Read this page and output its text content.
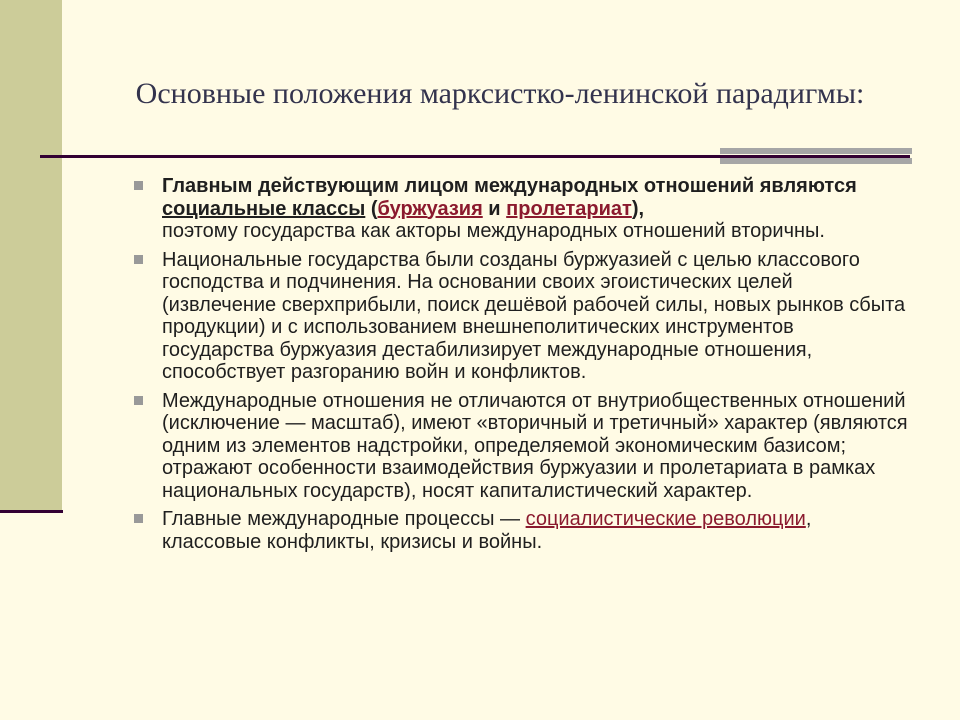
Основные положения марксистко-ленинской парадигмы:
Главным действующим лицом международных отношений являются социальные классы (буржуазия и пролетариат),
поэтому государства как акторы международных отношений вторичны.
Национальные государства были созданы буржуазией с целью классового господства и подчинения. На основании своих эгоистических целей (извлечение сверхприбыли, поиск дешёвой рабочей силы, новых рынков сбыта продукции) и с использованием внешнеполитических инструментов государства буржуазия дестабилизирует международные отношения, способствует разгоранию войн и конфликтов.
Международные отношения не отличаются от внутриобщественных отношений (исключение — масштаб), имеют «вторичный и третичный» характер (являются одним из элементов надстройки, определяемой экономическим базисом; отражают особенности взаимодействия буржуазии и пролетариата в рамках национальных государств), носят капиталистический характер.
Главные международные процессы — социалистические революции, классовые конфликты, кризисы и войны.
